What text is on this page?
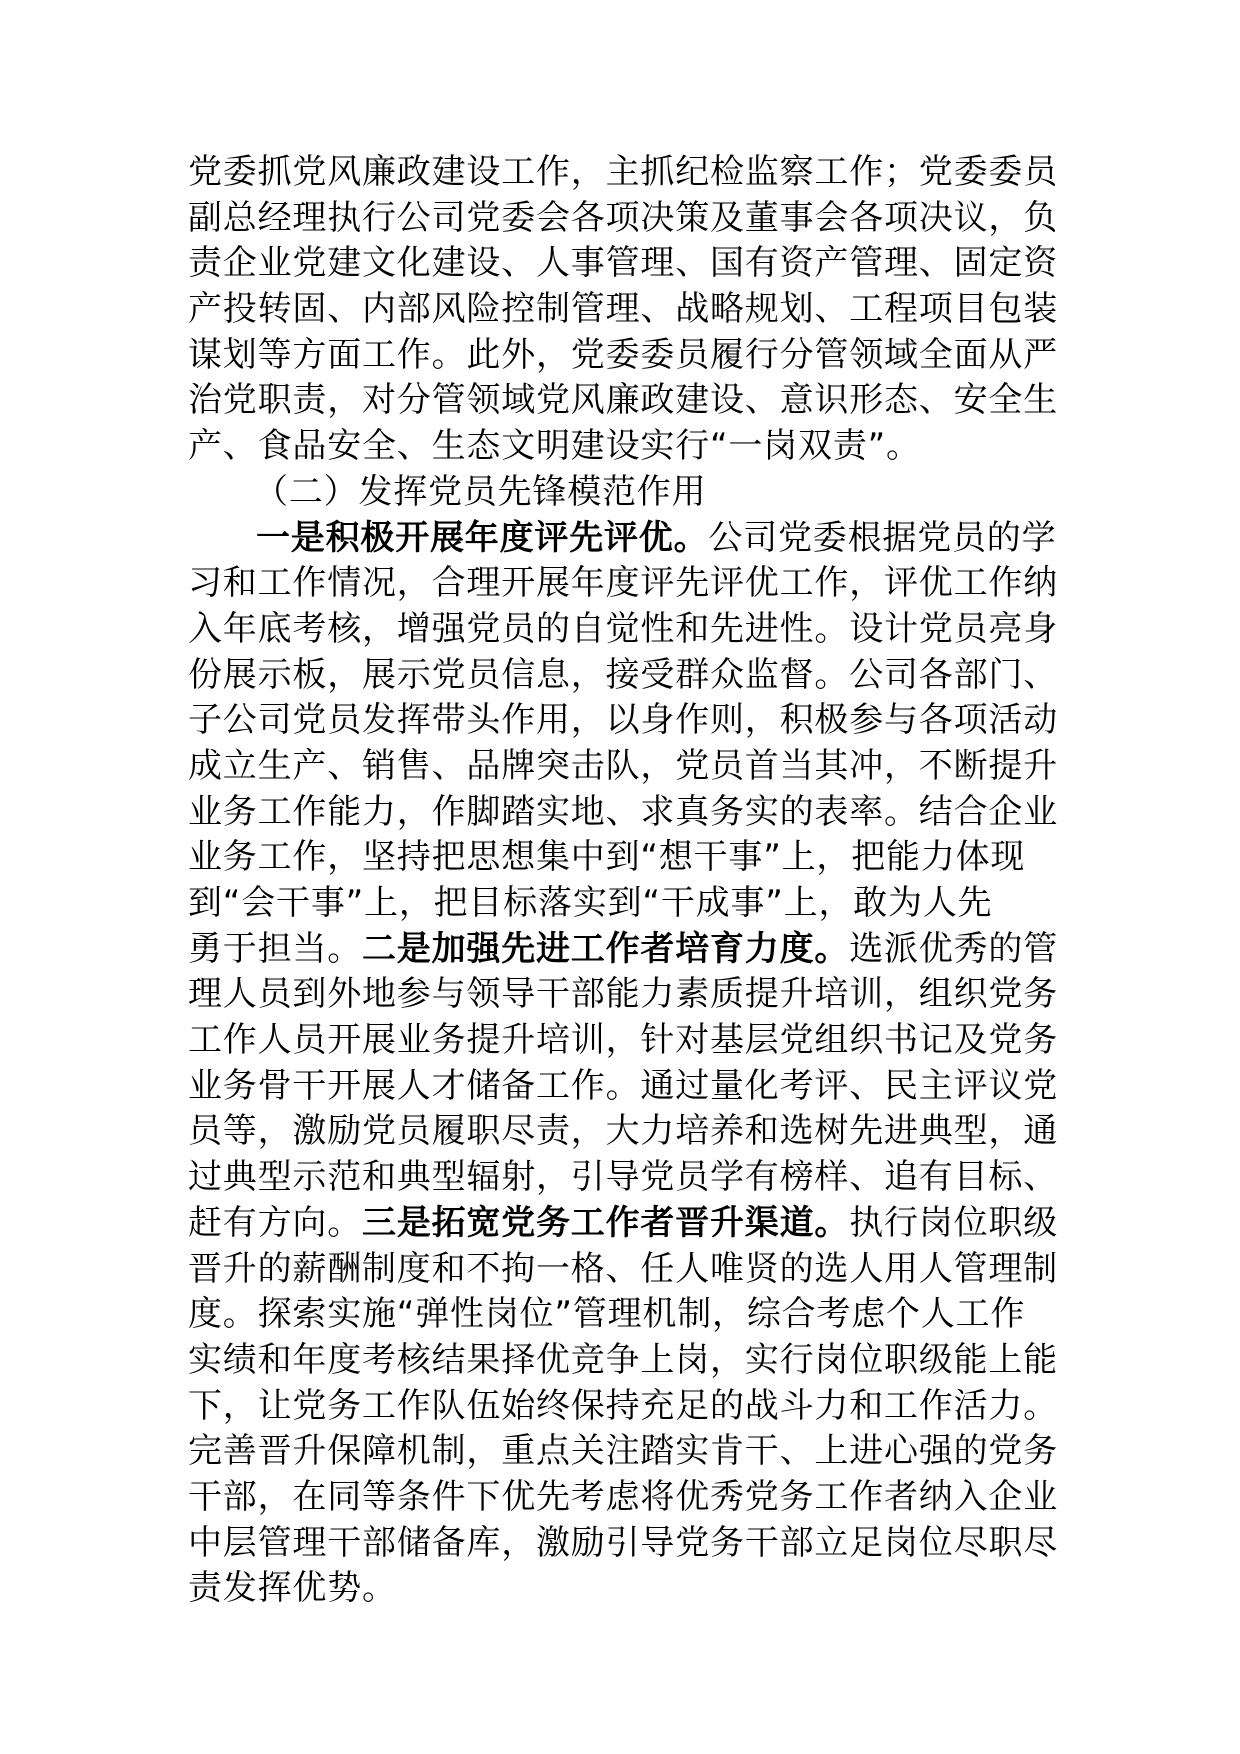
党委抓党风廉政建设工作，主抓纪检监察工作；党委委员
副总经理执行公司党委会各项决策及董事会各项决议，负
责企业党建文化建设、人事管理、国有资产管理、固定资
产投转固、内部风险控制管理、战略规划、工程项目包装
谋划等方面工作。此外，党委委员履行分管领域全面从严
治党职责，对分管领域党风廉政建设、意识形态、安全生
产、食品安全、生态文明建设实行“一岗双责”。
（二）发挥党员先锋模范作用
一是积极开展年度评先评优。公司党委根据党员的学
习和工作情况，合理开展年度评先评优工作，评优工作纳
入年底考核，增强党员的自觉性和先进性。设计党员亮身
份展示板，展示党员信息，接受群众监督。公司各部门、
子公司党员发挥带头作用，以身作则，积极参与各项活动
成立生产、销售、品牌突击队，党员首当其冲，不断提升
业务工作能力，作脚踏实地、求真务实的表率。结合企业
业务工作，坚持把思想集中到“想干事”上，把能力体现
到“会干事”上，把目标落实到“干成事”上，敢为人先
勇于担当。二是加强先进工作者培育力度。选派优秀的管
理人员到外地参与领导干部能力素质提升培训，组织党务
工作人员开展业务提升培训，针对基层党组织书记及党务
业务骨干开展人才储备工作。通过量化考评、民主评议党
员等，激励党员履职尽责，大力培养和选树先进典型，通
过典型示范和典型辐射，引导党员学有榜样、追有目标、
赶有方向。三是拓宽党务工作者晋升渠道。执行岗位职级
晋升的薪酬制度和不拘一格、任人唯贤的选人用人管理制
度。探索实施“弹性岗位”管理机制，综合考虑个人工作
实绩和年度考核结果择优竞争上岗，实行岗位职级能上能
下，让党务工作队伍始终保持充足的战斗力和工作活力。
完善晋升保障机制，重点关注踏实肯干、上进心强的党务
干部，在同等条件下优先考虑将优秀党务工作者纳入企业
中层管理干部储备库，激励引导党务干部立足岗位尽职尽
责发挥优势。
